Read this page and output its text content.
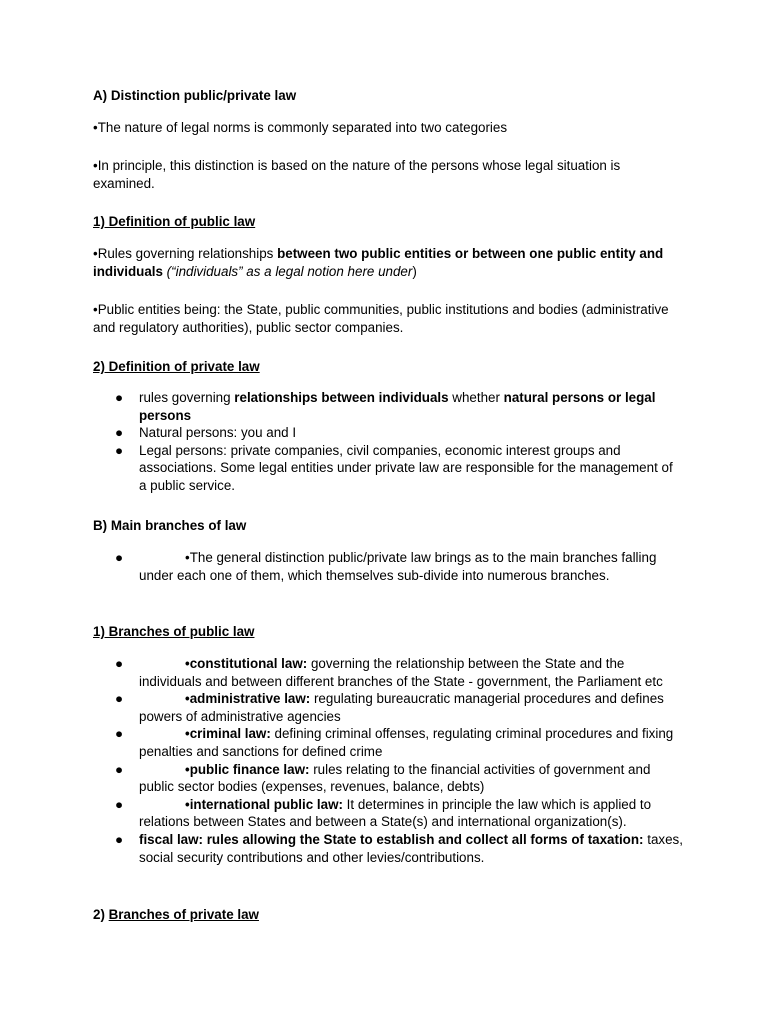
A) Distinction public/private law

•The nature of legal norms is commonly separated into two categories

•In principle, this distinction is based on the nature of the persons whose legal situation is examined.

1) Definition of public law

•Rules governing relationships between two public entities or between one public entity and individuals (“individuals” as a legal notion here under)

•Public entities being: the State, public communities, public institutions and bodies (administrative and regulatory authorities), public sector companies.

2) Definition of private law

● rules governing relationships between individuals whether natural persons or legal persons
● Natural persons: you and I
● Legal persons: private companies, civil companies, economic interest groups and associations. Some legal entities under private law are responsible for the management of a public service.

B) Main branches of law

●	•The general distinction public/private law brings as to the main branches falling under each one of them, which themselves sub-divide into numerous branches.

1) Branches of public law

●	•constitutional law: governing the relationship between the State and the individuals and between different branches of the State - government, the Parliament etc
●	•administrative law: regulating bureaucratic managerial procedures and defines powers of administrative agencies
●	•criminal law: defining criminal offenses, regulating criminal procedures and fixing penalties and sanctions for defined crime
●	•public finance law: rules relating to the financial activities of government and public sector bodies (expenses, revenues, balance, debts)
●	•international public law: It determines in principle the law which is applied to relations between States and between a State(s) and international organization(s).
● fiscal law: rules allowing the State to establish and collect all forms of taxation: taxes, social security contributions and other levies/contributions.

2) Branches of private law
